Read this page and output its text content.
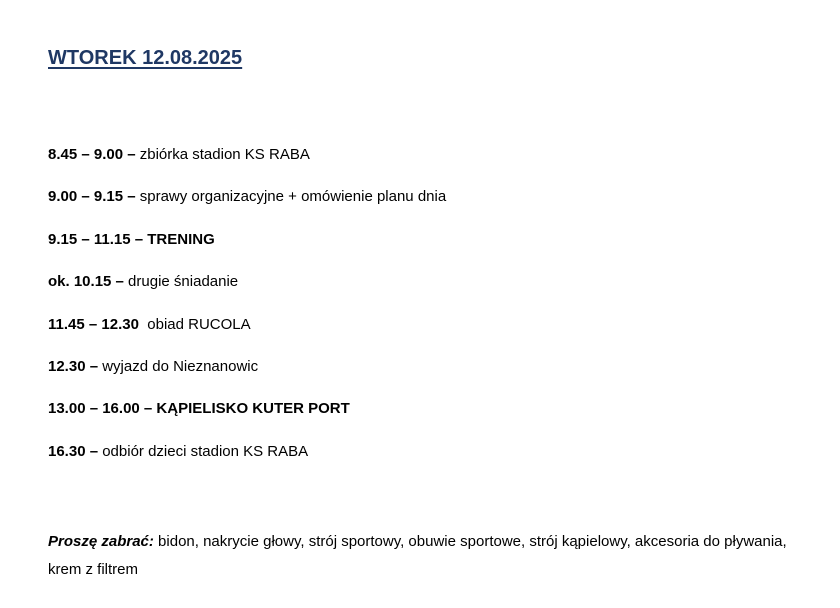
WTOREK 12.08.2025
8.45 – 9.00 – zbiórka stadion KS RABA
9.00 – 9.15 – sprawy organizacyjne + omówienie planu dnia
9.15 – 11.15 – TRENING
ok. 10.15 – drugie śniadanie
11.45 – 12.30  obiad RUCOLA
12.30 – wyjazd do Nieznanowic
13.00 – 16.00 – KĄPIELISKO KUTER PORT
16.30 – odbiór dzieci stadion KS RABA
Proszę zabrać: bidon, nakrycie głowy, strój sportowy, obuwie sportowe, strój kąpielowy, akcesoria do pływania, krem z filtrem
